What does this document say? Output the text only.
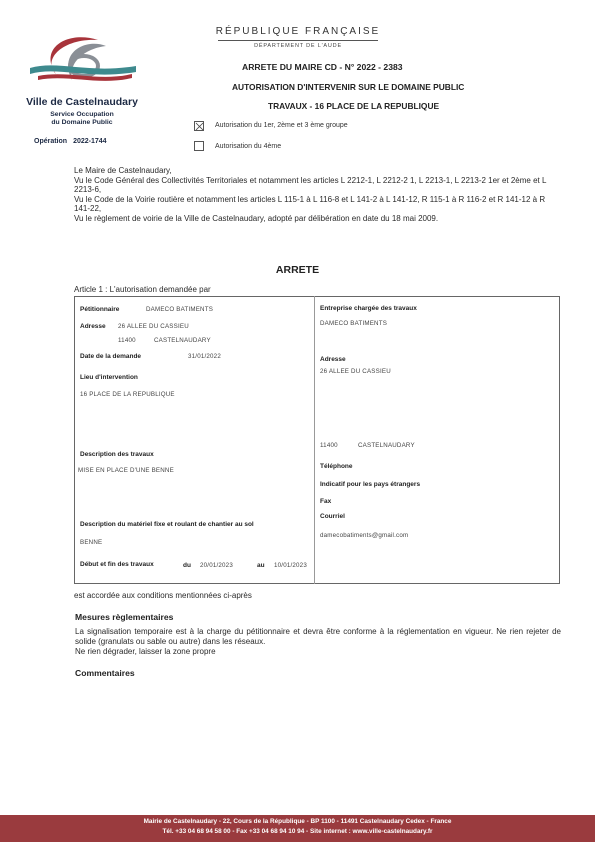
Ville de Castelnaudary
Service Occupation
du Domaine Public
Opération 2022-1744
RÉPUBLIQUE FRANÇAISE
DÉPARTEMENT DE L'AUDE
ARRETE DU MAIRE CD - N° 2022 - 2383
AUTORISATION D'INTERVENIR SUR LE DOMAINE PUBLIC
TRAVAUX - 16 PLACE DE LA REPUBLIQUE
Autorisation du 1er, 2ème et 3 ème groupe
Autorisation du 4ème

Le Maire de Castelnaudary,

Vu le Code Général des Collectivités Territoriales et notamment les articles L 2212-1, L 2212-2 1, L 2213-1, L 2213-2 1er et 2ème et L 2213-6,

Vu le Code de la Voirie routière et notamment les articles L 115-1 à L 116-8 et L 141-2 à L 141-12, R 115-1 à R 116-2 et R 141-12 à R 141-22,

Vu le règlement de voirie de la Ville de Castelnaudary, adopté par délibération en date du 18 mai 2009.

ARRETE
Article 1 : L'autorisation demandée par
Pétitionnaire	DAMECO BATIMENTS
Adresse 26 ALLEE DU CASSIEU
11400	CASTELNAUDARY
Date de la demande	31/01/2022
Lieu d'intervention
16 PLACE DE LA REPUBLIQUE
Description des travaux
MISE EN PLACE D'UNE BENNE
Description du matériel fixe et roulant de chantier au sol
BENNE
Début et fin des travaux	du 20/01/2023	au 10/01/2023
Entreprise chargée des travaux
DAMECO BATIMENTS
Adresse
26 ALLEE DU CASSIEU
11400	CASTELNAUDARY
Téléphone
Indicatif pour les pays étrangers
Fax
Courriel
damecobatiments@gmail.com
est accordée aux conditions mentionnées ci-après
Mesures règlementaires

La signalisation temporaire est à la charge du pétitionnaire et devra être conforme à la réglementation en vigueur. Ne rien rejeter de solide (granulats ou sable ou autre) dans les réseaux.

Ne rien dégrader, laisser la zone propre

Commentaires
Mairie de Castelnaudary - 22, Cours de la République - BP 1100 - 11491 Castelnaudary Cedex - France
Tél. +33 04 68 94 58 00 - Fax +33 04 68 94 10 94 - Site internet : www.ville-castelnaudary.fr
